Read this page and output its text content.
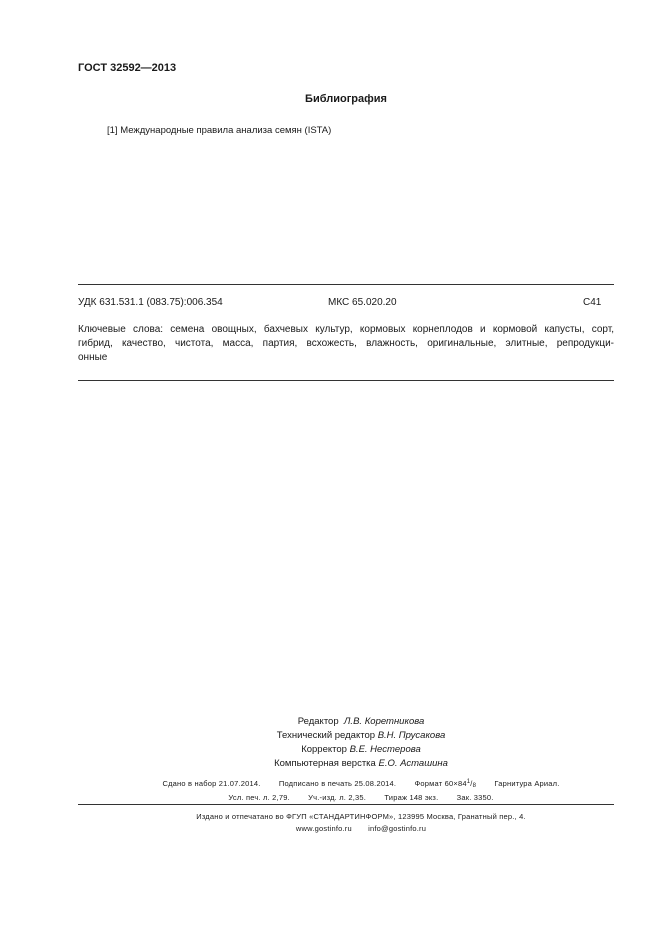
ГОСТ 32592—2013
Библиография
[1] Международные правила анализа семян (ISTA)
УДК 631.531.1 (083.75):006.354	МКС 65.020.20	С41
Ключевые слова: семена овощных, бахчевых культур, кормовых корнеплодов и кормовой капусты, сорт,
гибрид, качество, чистота, масса, партия, всхожесть, влажность, оригинальные, элитные, репродукци-
онные
Редактор Л.В. Коретникова
Технический редактор В.Н. Прусакова
Корректор В.Е. Нестерова
Компьютерная верстка Е.О. Асташина
Сдано в набор 21.07.2014. Подписано в печать 25.08.2014. Формат $60\times 84^1/_8$ Гарнитура Ариал.
Усл. печ. л. 2,79. Уч.-изд. л. 2,35. Тираж 148 экз. Зак. 3350.
Издано и отпечатано во ФГУП «СТАНДАРТИНФОРМ», 123995 Москва, Гранатный пер., 4.
www.gostinfo.ru info@gostinfo.ru
